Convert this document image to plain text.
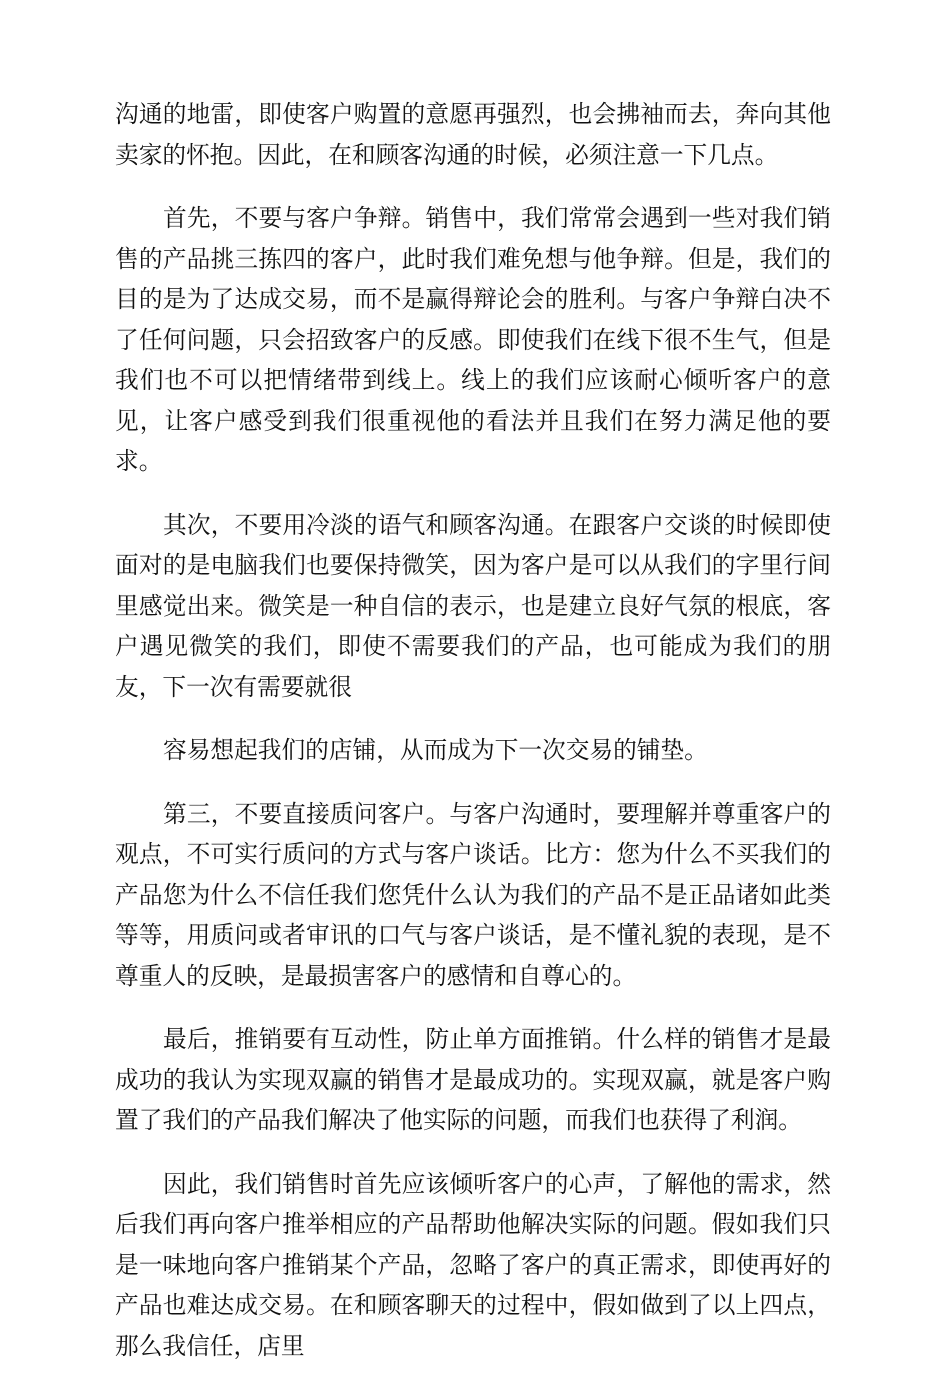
沟通的地雷，即使客户购置的意愿再强烈，也会拂袖而去，奔向其他卖家的怀抱。因此，在和顾客沟通的时候，必须注意一下几点。

首先，不要与客户争辩。销售中，我们常常会遇到一些对我们销售的产品挑三拣四的客户，此时我们难免想与他争辩。但是，我们的目的是为了达成交易，而不是赢得辩论会的胜利。与客户争辩白决不了任何问题，只会招致客户的反感。即使我们在线下很不生气，但是我们也不可以把情绪带到线上。线上的我们应该耐心倾听客户的意见，让客户感受到我们很重视他的看法并且我们在努力满足他的要求。

其次，不要用冷淡的语气和顾客沟通。在跟客户交谈的时候即使面对的是电脑我们也要保持微笑，因为客户是可以从我们的字里行间里感觉出来。微笑是一种自信的表示，也是建立良好气氛的根底，客户遇见微笑的我们，即使不需要我们的产品，也可能成为我们的朋友，下一次有需要就很

容易想起我们的店铺，从而成为下一次交易的铺垫。

第三，不要直接质问客户。与客户沟通时，要理解并尊重客户的观点，不可实行质问的方式与客户谈话。比方：您为什么不买我们的产品您为什么不信任我们您凭什么认为我们的产品不是正品诸如此类等等，用质问或者审讯的口气与客户谈话，是不懂礼貌的表现，是不尊重人的反映，是最损害客户的感情和自尊心的。

最后，推销要有互动性，防止单方面推销。什么样的销售才是最成功的我认为实现双赢的销售才是最成功的。实现双赢，就是客户购置了我们的产品我们解决了他实际的问题，而我们也获得了利润。

因此，我们销售时首先应该倾听客户的心声，了解他的需求，然后我们再向客户推举相应的产品帮助他解决实际的问题。假如我们只是一味地向客户推销某个产品，忽略了客户的真正需求，即使再好的产品也难达成交易。在和顾客聊天的过程中，假如做到了以上四点，那么我信任，店里
